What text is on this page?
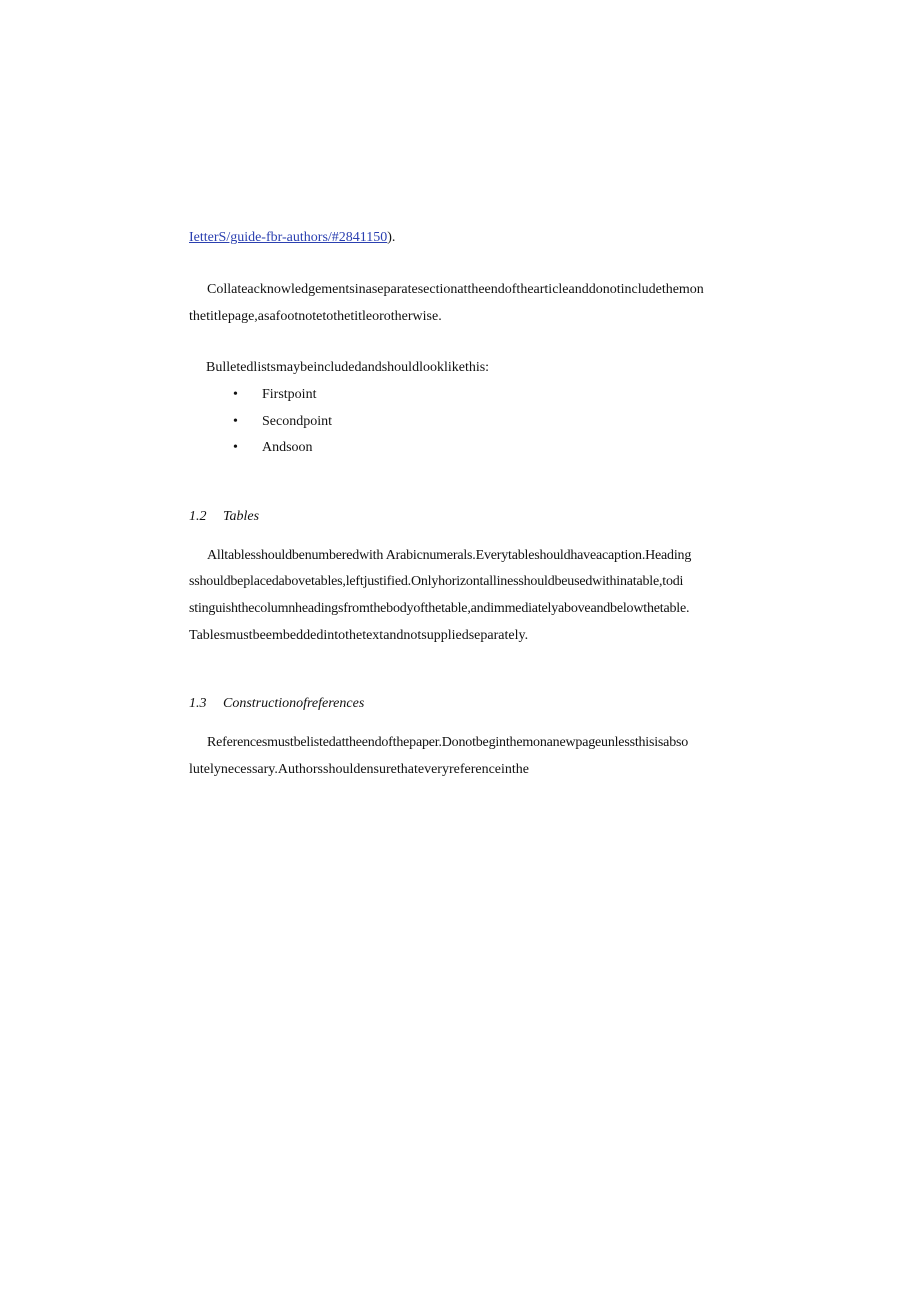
IetterS/guide-fbr-authors/#2841150).
Collateacknowledgementsinaseparatesectionattheendofthearticleanddonotincludethemon
thetitlepage,asafootnotetothetitleorotherwise.
Bulletedlistsmaybeincludedandshouldlooklikethis:
• Firstpoint
• Secondpoint
• Andsoon
1.2 Tables
Alltablesshouldbenumberedwith Arabicnumerals.Everytableshouldhaveacaption.Heading
sshouldbeplacedabovetables,leftjustified.Onlyhorizontallinesshouldbeusedwithinatable,todi
stinguishthecolumnheadingsfromthebodyofthetable,andimmediatelyaboveandbelowthetable.
Tablesmustbeembeddedintothetextandnotsuppliedseparately.
1.3 Constructionofreferences
Referencesmustbelistedattheendofthepaper.Donotbeginthemonanewpageunlessthisisabso
lutelynecessary.Authorsshouldensurethateveryreferenceinthe
